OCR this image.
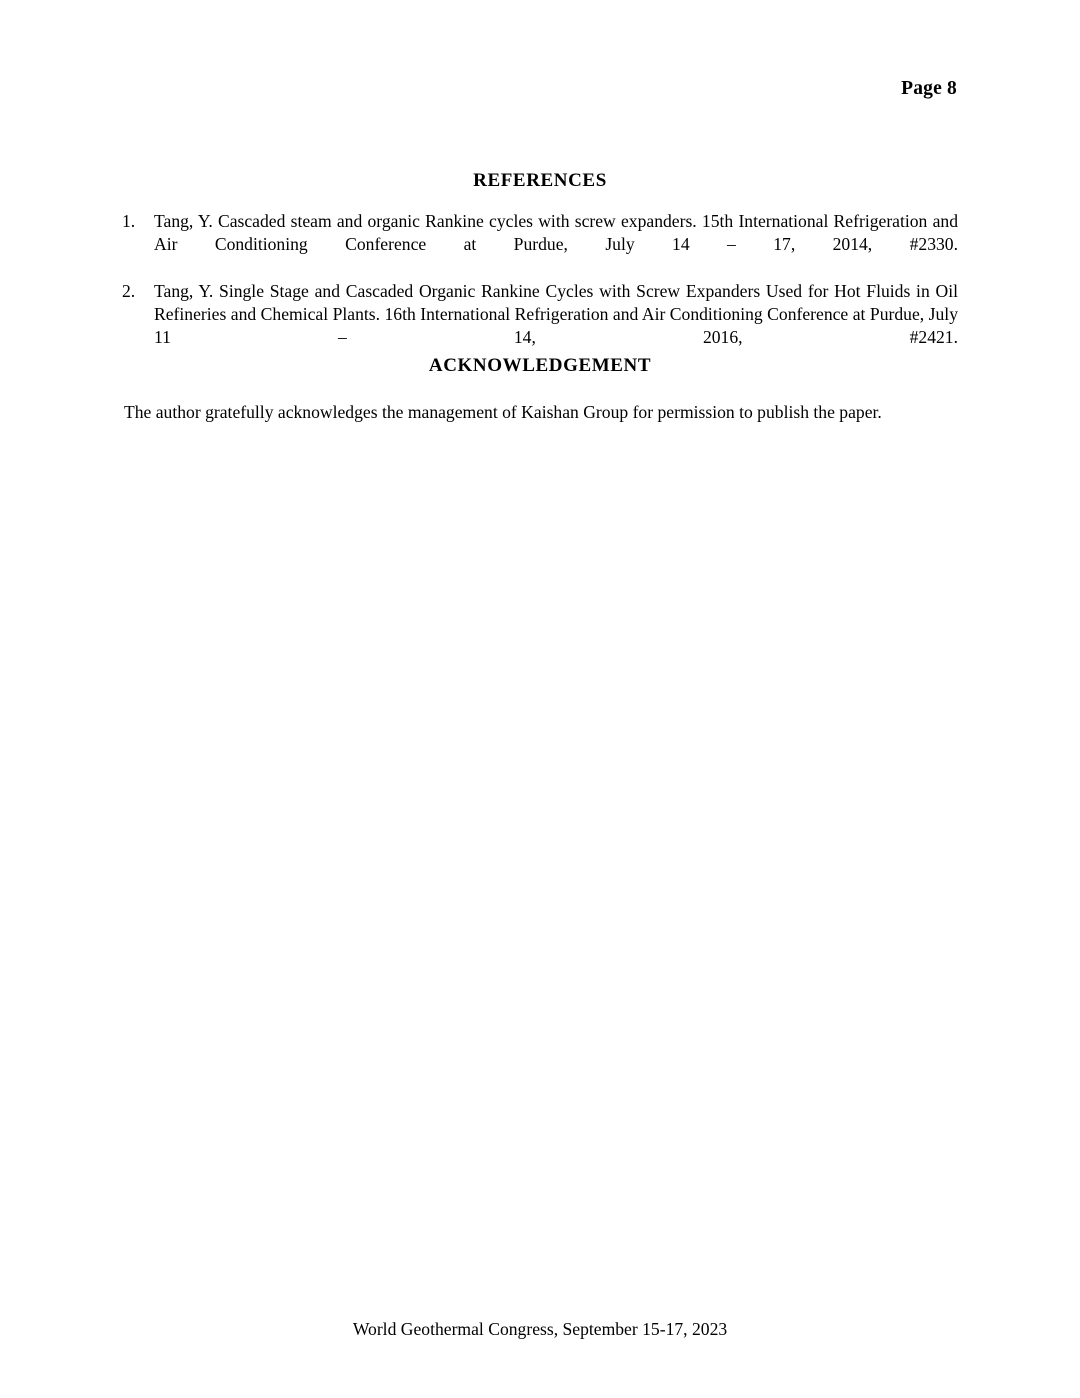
Page 8
REFERENCES
1.	Tang, Y. Cascaded steam and organic Rankine cycles with screw expanders. 15th International Refrigeration and Air Conditioning Conference at Purdue, July 14 – 17, 2014, #2330.
2.	Tang, Y. Single Stage and Cascaded Organic Rankine Cycles with Screw Expanders Used for Hot Fluids in Oil Refineries and Chemical Plants. 16th International Refrigeration and Air Conditioning Conference at Purdue, July 11 – 14, 2016, #2421.
ACKNOWLEDGEMENT
The author gratefully acknowledges the management of Kaishan Group for permission to publish the paper.
World Geothermal Congress, September 15-17, 2023
